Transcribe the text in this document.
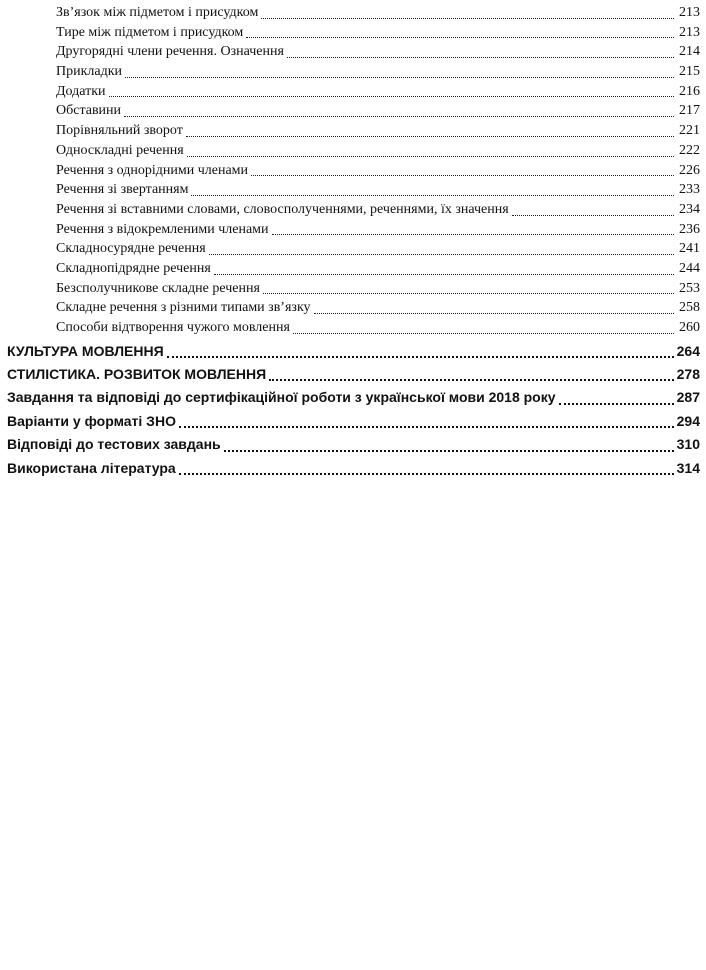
Зв’язок між підметом і присудком	213
Тире між підметом і присудком	213
Другорядні члени речення. Означення	214
Прикладки	215
Додатки	216
Обставини	217
Порівняльний зворот	221
Односкладні речення	222
Речення з однорідними членами	226
Речення зі звертанням	233
Речення зі вставними словами, словосполученнями, реченнями, їх значення	234
Речення з відокремленими членами	236
Складносурядне речення	241
Складнопідрядне речення	244
Безсполучникове складне речення	253
Складне речення з різними типами зв’язку	258
Способи відтворення чужого мовлення	260
КУЛЬТУРА МОВЛЕННЯ	264
СТИЛІСТИКА. РОЗВИТОК МОВЛЕННЯ	278
Завдання та відповіді до сертифікаційної роботи з української мови 2018 року	287
Варіанти у форматі ЗНО	294
Відповіді до тестових завдань	310
Використана література	314
